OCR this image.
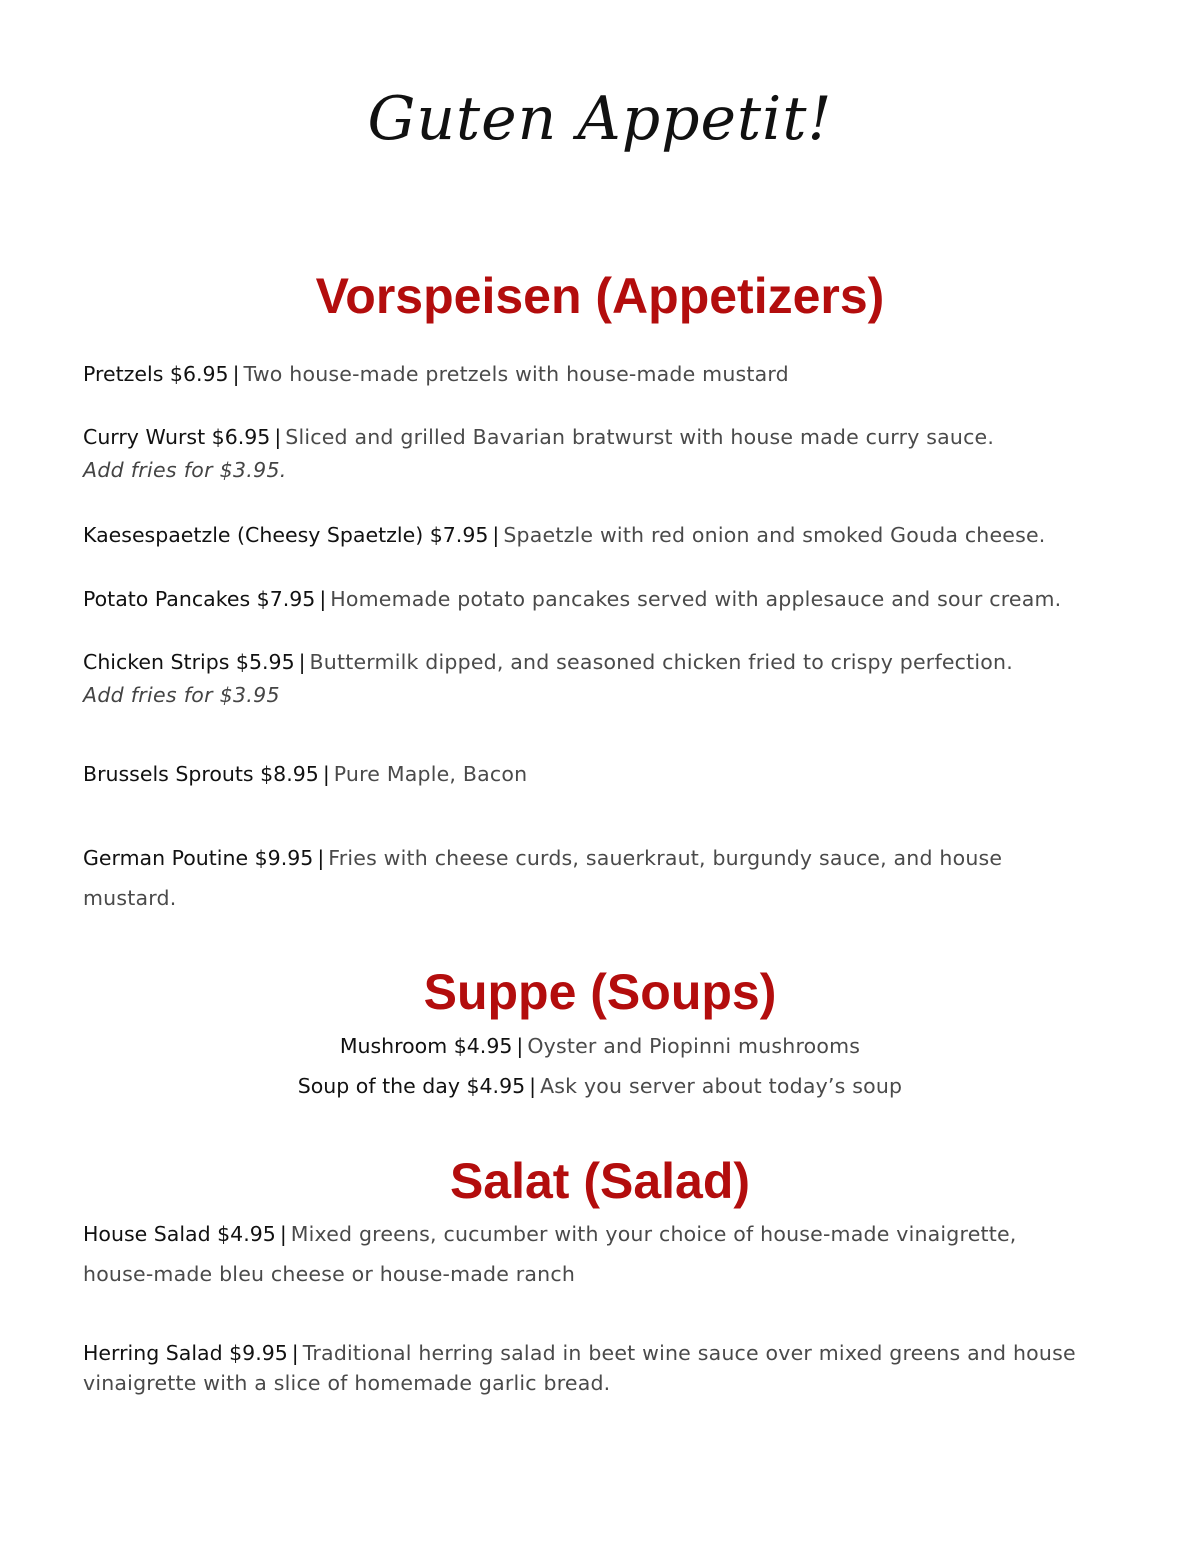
Guten Appetit!
Vorspeisen (Appetizers)

Pretzels $6.95 | Two house-made pretzels with house-made mustard

Curry Wurst $6.95 | Sliced and grilled Bavarian bratwurst with house made curry sauce.
Add fries for $3.95.

Kaesespaetzle (Cheesy Spaetzle) $7.95 | Spaetzle with red onion and smoked Gouda cheese.

Potato Pancakes $7.95 | Homemade potato pancakes served with applesauce and sour cream.

Chicken Strips $5.95 | Buttermilk dipped, and seasoned chicken fried to crispy perfection.
Add fries for $3.95

Brussels Sprouts $8.95 | Pure Maple, Bacon

German Poutine $9.95 | Fries with cheese curds, sauerkraut, burgundy sauce, and house mustard.

Suppe (Soups)

Mushroom $4.95 | Oyster and Piopinni mushrooms

Soup of the day $4.95 | Ask you server about today’s soup

Salat (Salad)

House Salad $4.95 | Mixed greens, cucumber with your choice of house-made vinaigrette, house-made bleu cheese or house-made ranch

Herring Salad $9.95 | Traditional herring salad in beet wine sauce over mixed greens and house vinaigrette with a slice of homemade garlic bread.
